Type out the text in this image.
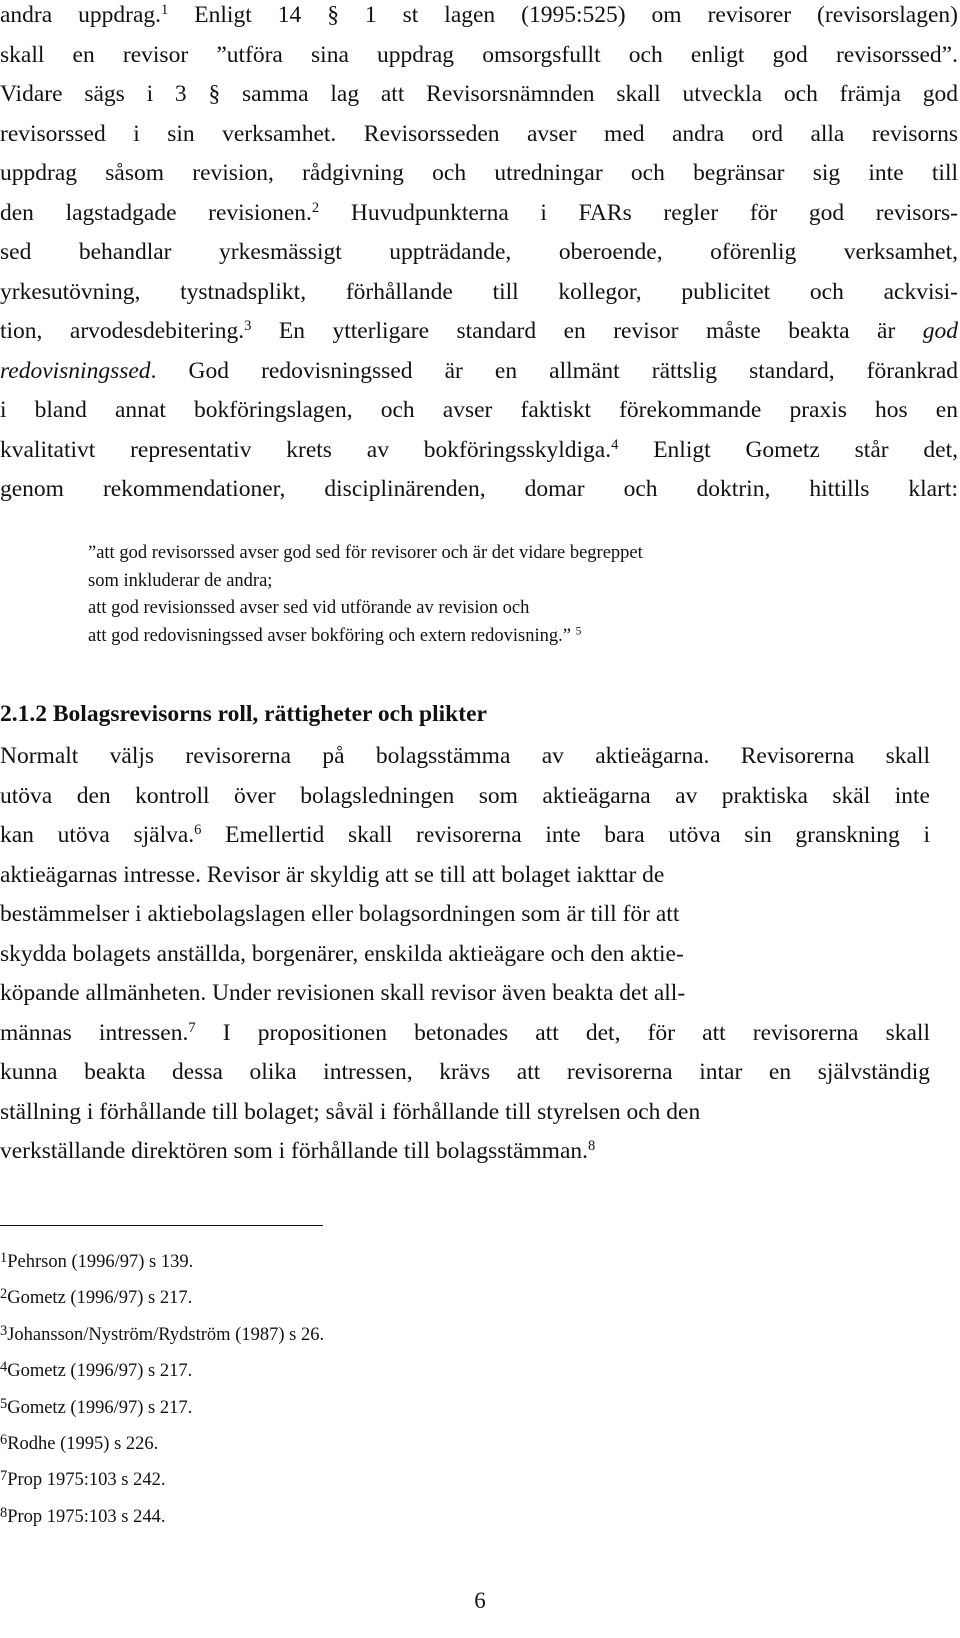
andra uppdrag.$^1$ Enligt 14 § 1 st lagen (1995:525) om revisorer (revisorslagen)
skall en revisor ”utföra sina uppdrag omsorgsfullt och enligt god revisorssed”.
Vidare sägs i 3 § samma lag att Revisorsnämnden skall utveckla och främja god
revisorssed i sin verksamhet. Revisorsseden avser med andra ord alla revisorns
uppdrag såsom revision, rådgivning och utredningar och begränsar sig inte till
den lagstadgade revisionen.$^2$ Huvudpunkterna i FARs regler för god revisors-
sed behandlar yrkesmässigt uppträdande, oberoende, oförenlig verksamhet,
yrkesutövning, tystnadsplikt, förhållande till kollegor, publicitet och ackvisi-
tion, arvodesdebitering.$^3$ En ytterligare standard en revisor måste beakta är god
redovisningssed. God redovisningssed är en allmänt rättslig standard, förankrad
i bland annat bokföringslagen, och avser faktiskt förekommande praxis hos en
kvalitativt representativ krets av bokföringsskyldiga.$^4$ Enligt Gometz står det,
genom rekommendationer, disciplinärenden, domar och doktrin, hittills klart:
”att god revisorssed avser god sed för revisorer och är det vidare begreppet
som inkluderar de andra;
att god revisionssed avser sed vid utförande av revision och
att god redovisningssed avser bokföring och extern redovisning.” $^5$
2.1.2 Bolagsrevisorns roll, rättigheter och plikter
Normalt väljs revisorerna på bolagsstämma av aktieägarna. Revisorerna skall
utöva den kontroll över bolagsledningen som aktieägarna av praktiska skäl inte
kan utöva själva.$^6$ Emellertid skall revisorerna inte bara utöva sin granskning i
aktieägarnas intresse. Revisor är skyldig att se till att bolaget iakttar de
bestämmelser i aktiebolagslagen eller bolagsordningen som är till för att
skydda bolagets anställda, borgenärer, enskilda aktieägare och den aktie-
köpande allmänheten. Under revisionen skall revisor även beakta det all-
männas intressen.$^7$ I propositionen betonades att det, för att revisorerna skall
kunna beakta dessa olika intressen, krävs att revisorerna intar en självständig
ställning i förhållande till bolaget; såväl i förhållande till styrelsen och den
verkställande direktören som i förhållande till bolagsstämman.$^8$
$^1$Pehrson (1996/97) s 139.
$^2$Gometz (1996/97) s 217.
$^3$Johansson/Nyström/Rydström (1987) s 26.
$^4$Gometz (1996/97) s 217.
$^5$Gometz (1996/97) s 217.
$^6$Rodhe (1995) s 226.
$^7$Prop 1975:103 s 242.
$^8$Prop 1975:103 s 244.
6
